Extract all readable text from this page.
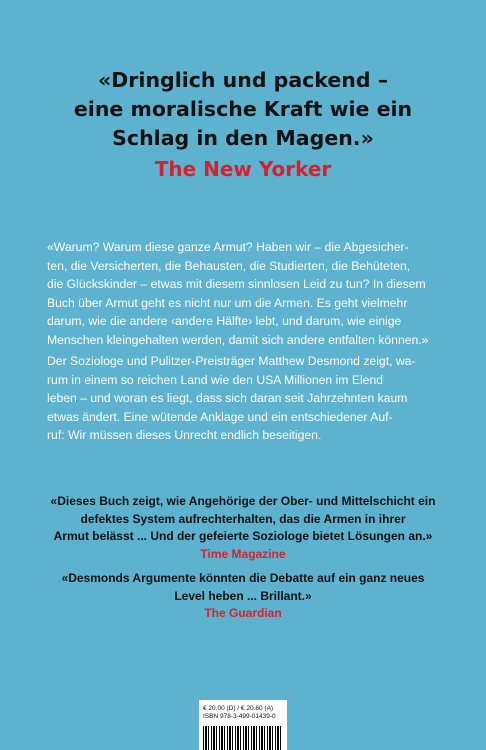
«Dringlich und packend –
eine moralische Kraft wie ein
Schlag in den Magen.»
The New Yorker
«Warum? Warum diese ganze Armut? Haben wir – die Abgesicher-
ten, die Versicherten, die Behausten, die Studierten, die Behüteten,
die Glückskinder – etwas mit diesem sinnlosen Leid zu tun? In diesem
Buch über Armut geht es nicht nur um die Armen. Es geht vielmehr
darum, wie die andere ‹andere Hälfte› lebt, und darum, wie einige
Menschen kleingehalten werden, damit sich andere entfalten können.»
Der Soziologe und Pulitzer-Preisträger Matthew Desmond zeigt, wa-
rum in einem so reichen Land wie den USA Millionen im Elend
leben – und woran es liegt, dass sich daran seit Jahrzehnten kaum
etwas ändert. Eine wütende Anklage und ein entschiedener Auf-
ruf: Wir müssen dieses Unrecht endlich beseitigen.
«Dieses Buch zeigt, wie Angehörige der Ober- und Mittelschicht ein
defektes System aufrechterhalten, das die Armen in ihrer
Armut belässt ... Und der gefeierte Soziologe bietet Lösungen an.»
Time Magazine
«Desmonds Argumente könnten die Debatte auf ein ganz neues
Level heben ... Brillant.»
The Guardian
€ 20.00 (D) / € 20.60 (A)
ISBN 978-3-499-01439-0
